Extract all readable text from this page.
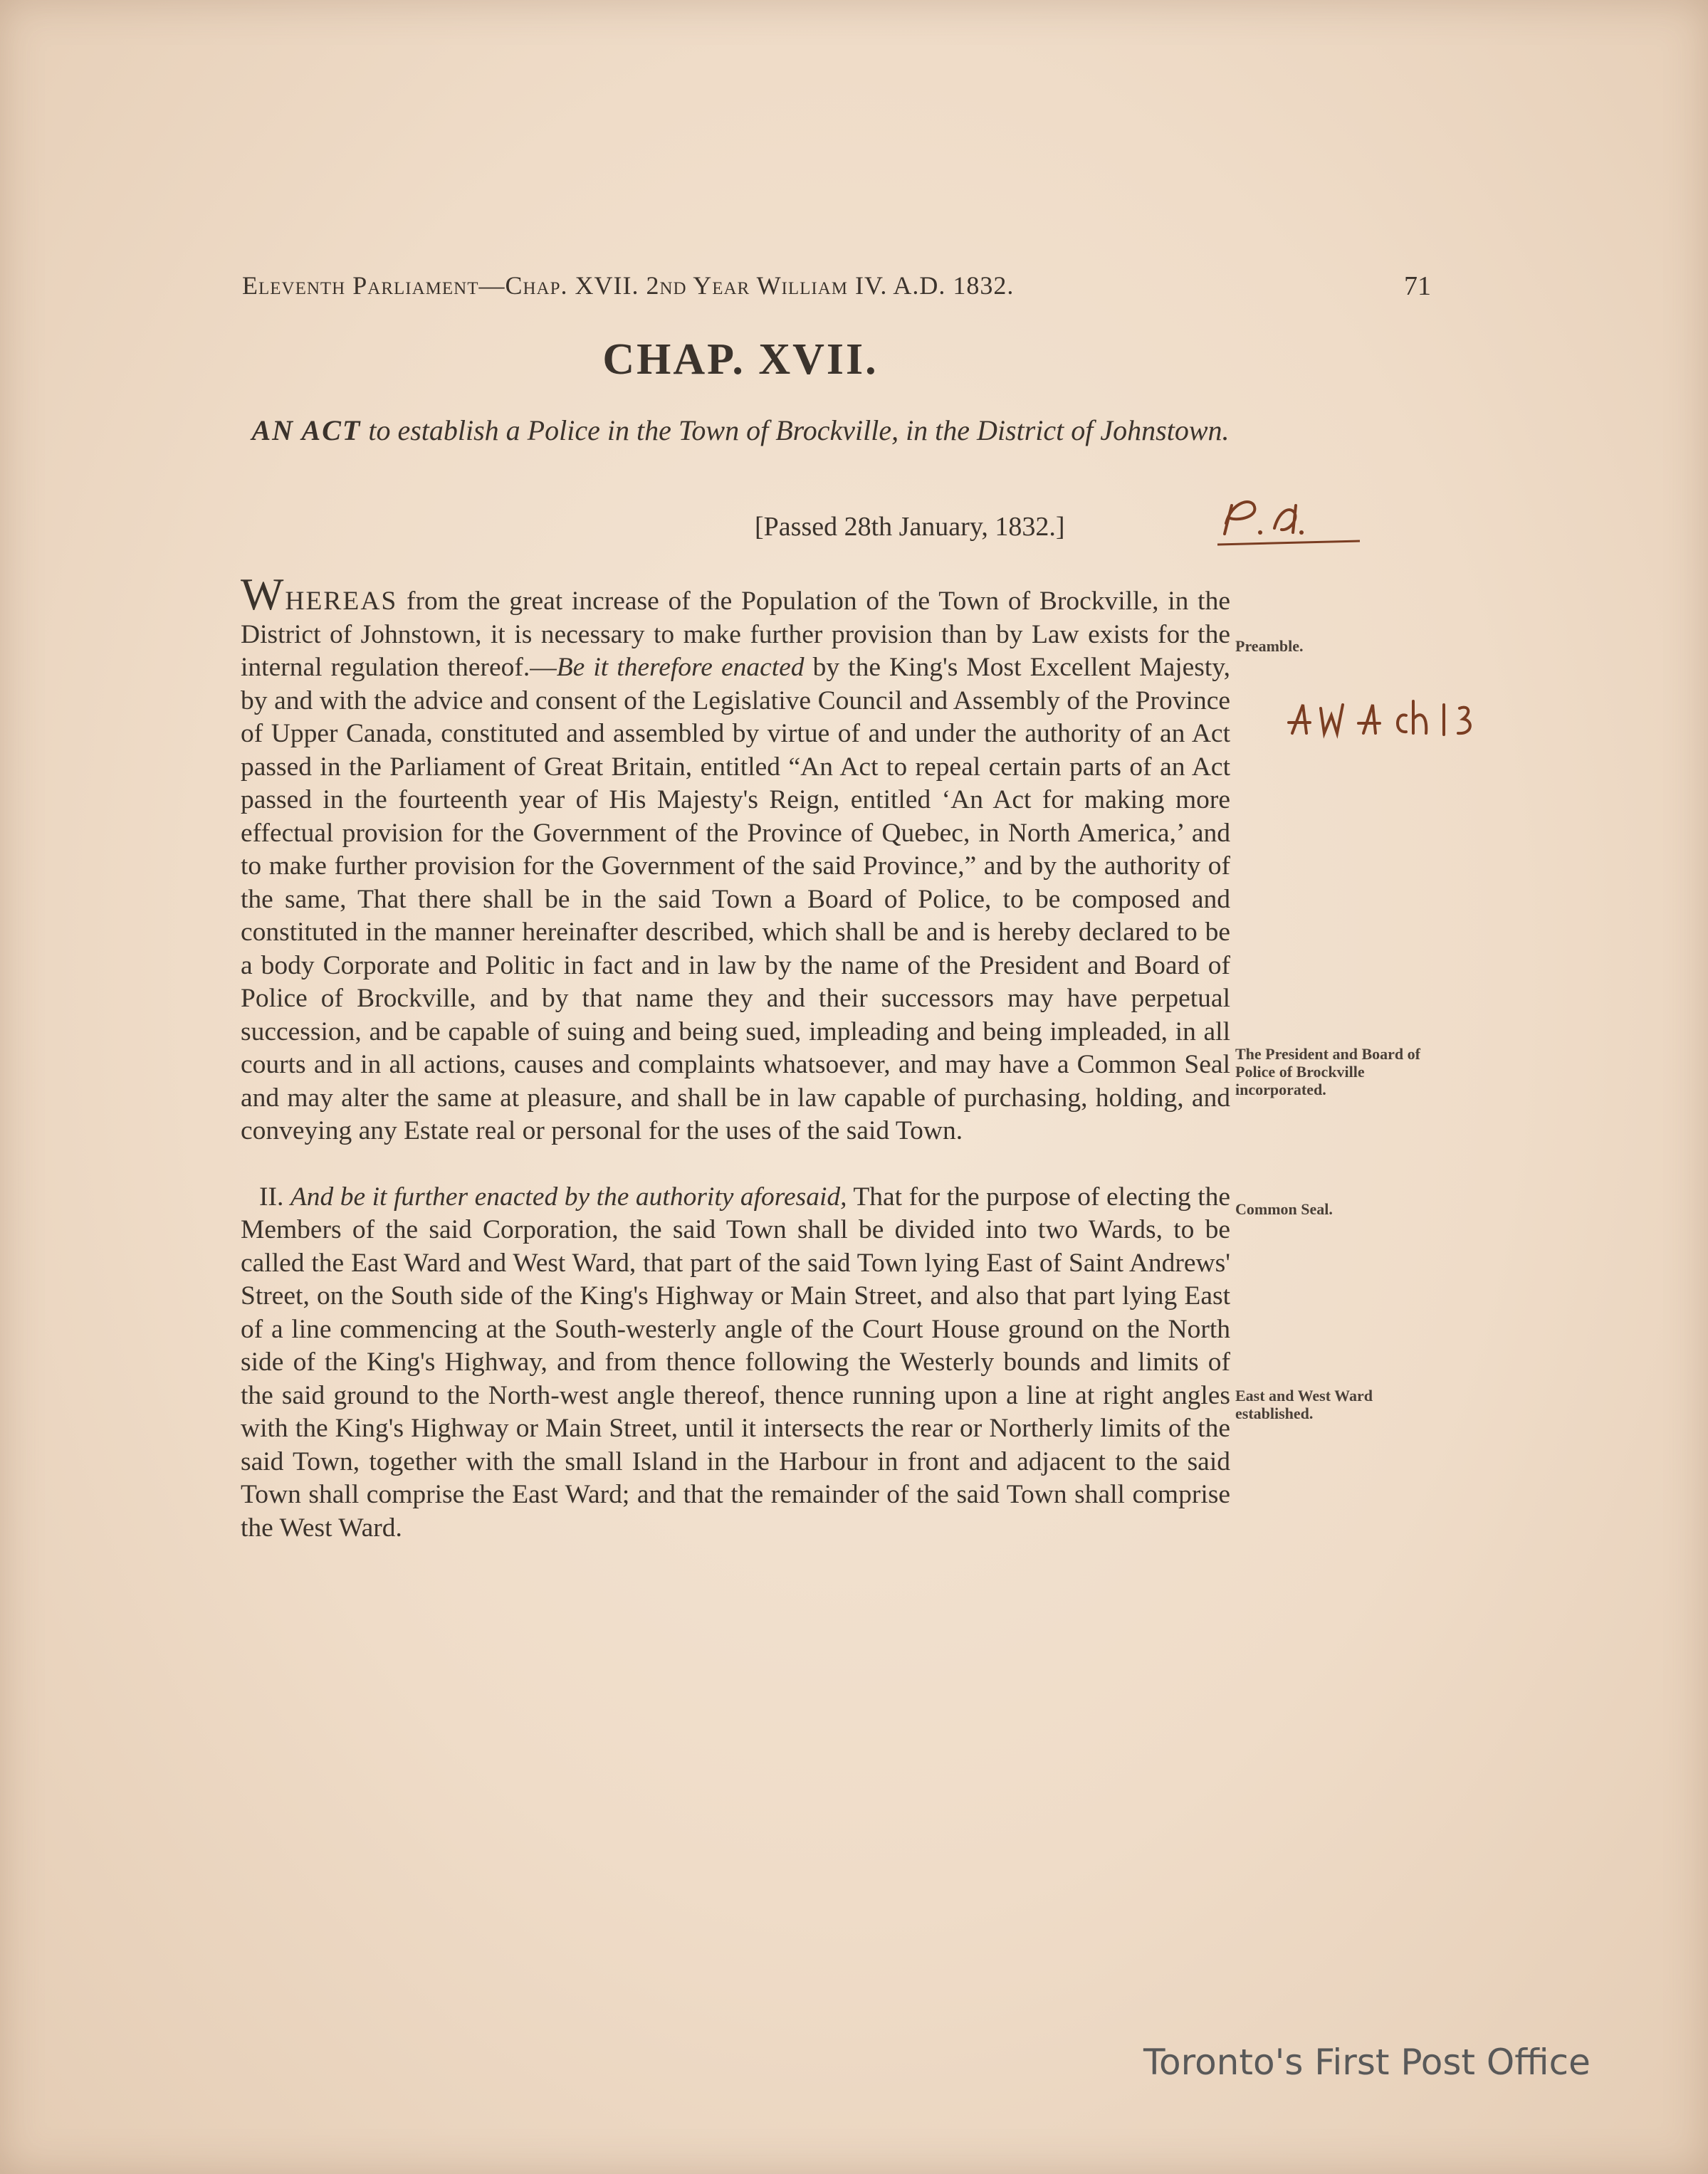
Eleventh Parliament—Chap. XVII. 2nd Year William IV. A.D. 1832.	71
CHAP. XVII.
AN ACT to establish a Police in the Town of Brockville, in the District of Johnstown.
[Passed 28th January, 1832.]

WHEREAS from the great increase of the Population of the Town of Brockville, in the District of Johnstown, it is necessary to make further provision than by Law exists for the internal regulation thereof.—Be it therefore enacted by the King's Most Excellent Majesty, by and with the advice and consent of the Legislative Council and Assembly of the Province of Upper Canada, constituted and assembled by virtue of and under the authority of an Act passed in the Parliament of Great Britain, entitled “An Act to repeal certain parts of an Act passed in the fourteenth year of His Majesty's Reign, entitled ‘An Act for making more effectual provision for the Government of the Province of Quebec, in North America,’ and to make further provision for the Government of the said Province,” and by the authority of the same, That there shall be in the said Town a Board of Police, to be composed and constituted in the manner hereinafter described, which shall be and is hereby declared to be a body Corporate and Politic in fact and in law by the name of the President and Board of Police of Brockville, and by that name they and their successors may have perpetual succession, and be capable of suing and being sued, impleading and being impleaded, in all courts and in all actions, causes and complaints whatsoever, and may have a Common Seal and may alter the same at pleasure, and shall be in law capable of purchasing, holding, and conveying any Estate real or personal for the uses of the said Town.

II. And be it further enacted by the authority aforesaid, That for the purpose of electing the Members of the said Corporation, the said Town shall be divided into two Wards, to be called the East Ward and West Ward, that part of the said Town lying East of Saint Andrews' Street, on the South side of the King's Highway or Main Street, and also that part lying East of a line commencing at the South-westerly angle of the Court House ground on the North side of the King's Highway, and from thence following the Westerly bounds and limits of the said ground to the North-west angle thereof, thence running upon a line at right angles with the King's Highway or Main Street, until it intersects the rear or Northerly limits of the said Town, together with the small Island in the Harbour in front and adjacent to the said Town shall comprise the East Ward; and that the remainder of the said Town shall comprise the West Ward.

Preamble.
The President and Board of Police of Brockville incorporated.
Common Seal.
East and West Ward established.
Toronto's First Post Office
